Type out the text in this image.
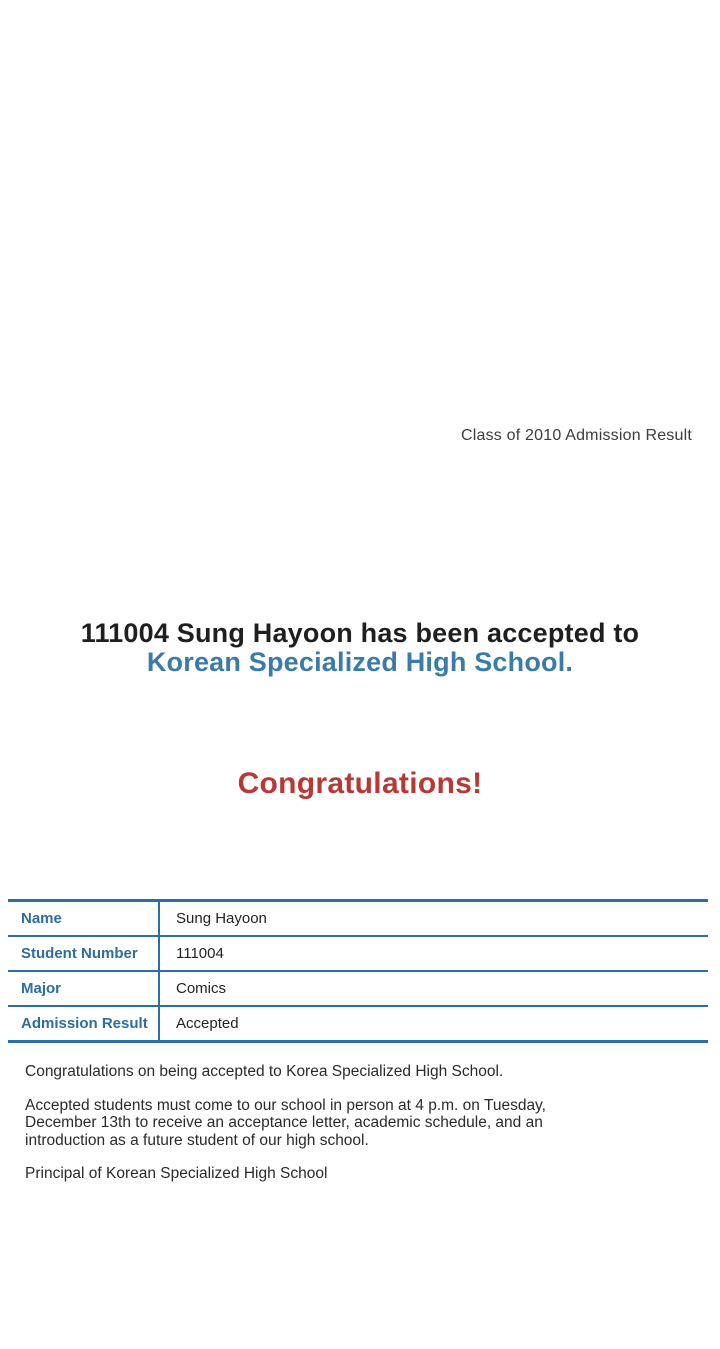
Class of 2010 Admission Result
111004 Sung Hayoon has been accepted to
Korean Specialized High School.
Congratulations!
Name	Sung Hayoon
Student Number	111004
Major	Comics
Admission Result	Accepted

Congratulations on being accepted to Korea Specialized High School.

Accepted students must come to our school in person at 4 p.m. on Tuesday, December 13th to receive an acceptance letter, academic schedule, and an introduction as a future student of our high school.

Principal of Korean Specialized High School
